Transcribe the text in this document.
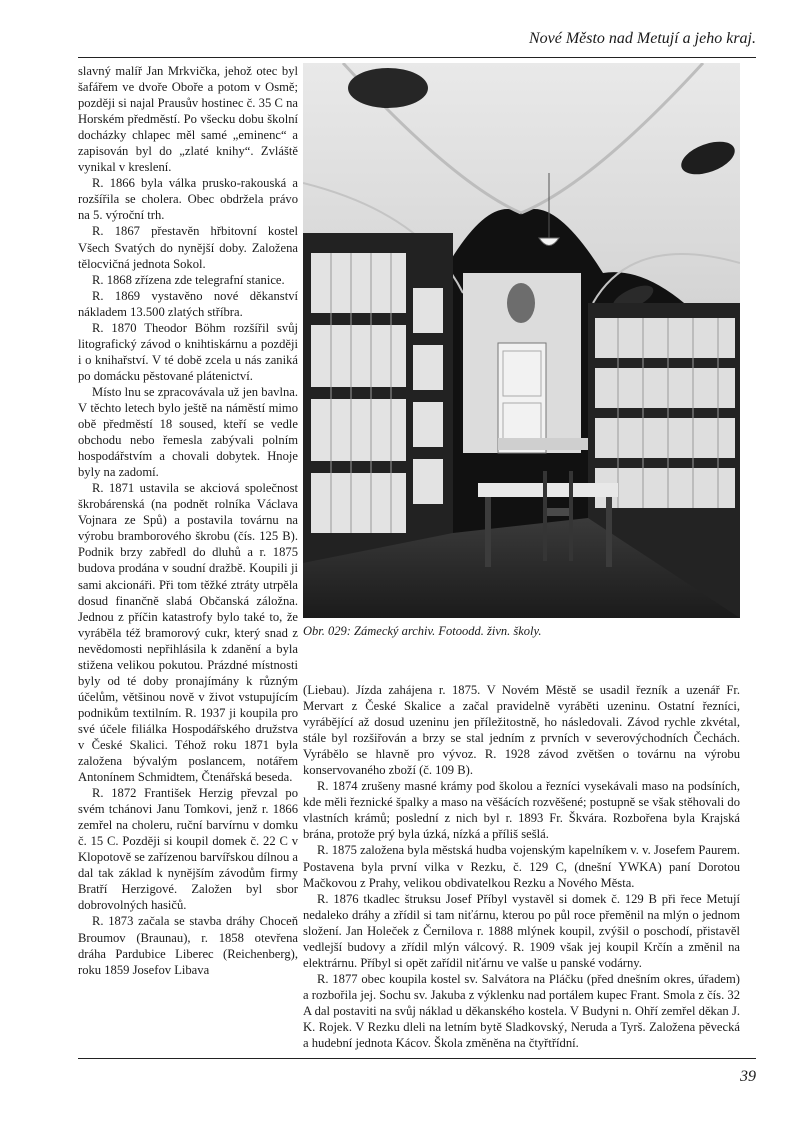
Nové Město nad Metují a jeho kraj.

slavný malíř Jan Mrkvička, jehož otec byl šafářem ve dvoře Oboře a potom v Osmě; později si najal Prausův hostinec č. 35 C na Horském předměstí. Po všecku dobu školní docházky chlapec měl samé „eminenc“ a zapisován byl do „zlaté knihy“. Zvláště vynikal v kreslení.

R. 1866 byla válka prusko-rakouská a rozšířila se cholera. Obec obdržela právo na 5. výroční trh.

R. 1867 přestavěn hřbitovní kostel Všech Svatých do nynější doby. Založena tělocvičná jednota Sokol.

R. 1868 zřízena zde telegrafní stanice.

R. 1869 vystavěno nové děkanství nákladem 13.500 zlatých stříbra.

R. 1870 Theodor Böhm rozšířil svůj litografický závod o knihtiskárnu a později i o knihařství. V té době zcela u nás zaniká po domácku pěstované plátenictví.

Místo lnu se zpracovávala už jen bavlna. V těchto letech bylo ještě na náměstí mimo obě předměstí 18 soused, kteří se vedle obchodu nebo řemesla zabývali polním hospodářstvím a chovali dobytek. Hnoje byly na zadomí.

R. 1871 ustavila se akciová společnost škrobárenská (na podnět rolníka Václava Vojnara ze Spů) a postavila továrnu na výrobu bramborového škrobu (čís. 125 B). Podnik brzy zabředl do dluhů a r. 1875 budova prodána v soudní dražbě. Koupili ji sami akcionáři. Při tom těžké ztráty utrpěla dosud finančně slabá Občanská záložna. Jednou z příčin katastrofy bylo také to, že vyráběla též bramorový cukr, který snad z nevědomosti nepřihlásila k zdanění a byla stižena velikou pokutou. Prázdné místnosti byly od té doby pronajímány k různým účelům, většinou nově v život vstupujícím podnikům textilním. R. 1937 ji koupila pro své účele filiálka Hospodářského družstva v České Skalici. Téhož roku 1871 byla založena bývalým poslancem, notářem Antonínem Schmidtem, Čtenářská beseda.

R. 1872 František Herzig převzal po svém tchánovi Janu Tomkovi, jenž r. 1866 zemřel na choleru, ruční barvírnu v domku č. 15 C. Později si koupil domek č. 22 C v Klopotově se zařízenou barvířskou dílnou a dal tak základ k nynějším závodům firmy Bratří Herzigové. Založen byl sbor dobrovolných hasičů.

R. 1873 začala se stavba dráhy Choceň Broumov (Braunau), r. 1858 otevřena dráha Pardubice Liberec (Reichenberg), roku 1859 Josefov Libava

Obr. 029: Zámecký archiv. Fotoodd. živn. školy.

(Liebau). Jízda zahájena r. 1875. V Novém Městě se usadil řezník a uzenář Fr. Mervart z České Skalice a začal pravidelně vyráběti uzeninu. Ostatní řezníci, vyrábějící až dosud uzeninu jen příležitostně, ho následovali. Závod rychle zkvétal, stále byl rozšiřován a brzy se stal jedním z prvních v severovýchodních Čechách. Vyrábělo se hlavně pro vývoz. R. 1928 závod zvětšen o továrnu na výrobu konservovaného zboží (č. 109 B).

R. 1874 zrušeny masné krámy pod školou a řezníci vysekávali maso na podsíních, kde měli řeznické špalky a maso na věšácích rozvěšené; postupně se však stěhovali do vlastních krámů; poslední z nich byl r. 1893 Fr. Škvára. Rozbořena byla Krajská brána, protože prý byla úzká, nízká a příliš sešlá.

R. 1875 založena byla městská hudba vojenským kapelníkem v. v. Josefem Paurem. Postavena byla první vilka v Rezku, č. 129 C, (dnešní YWKA) paní Dorotou Mačkovou z Prahy, velikou obdivatelkou Rezku a Nového Města.

R. 1876 tkadlec štruksu Josef Příbyl vystavěl si domek č. 129 B při řece Metují nedaleko dráhy a zřídil si tam niťárnu, kterou po půl roce přeměnil na mlýn o jednom složení. Jan Holeček z Černilova r. 1888 mlýnek koupil, zvýšil o poschodí, přistavěl vedlejší budovy a zřídil mlýn válcový. R. 1909 však jej koupil Krčín a změnil na elektrárnu. Příbyl si opět zařídil niťárnu ve valše u panské vodárny.

R. 1877 obec koupila kostel sv. Salvátora na Pláčku (před dnešním okres, úřadem) a rozbořila jej. Sochu sv. Jakuba z výklenku nad portálem kupec Frant. Smola z čís. 32 A dal postaviti na svůj náklad u děkanského kostela. V Budyni n. Ohří zemřel děkan J. K. Rojek. V Rezku dleli na letním bytě Sladkovský, Neruda a Tyrš. Založena pěvecká a hudební jednota Kácov. Škola změněna na čtyřtřídní.

39
